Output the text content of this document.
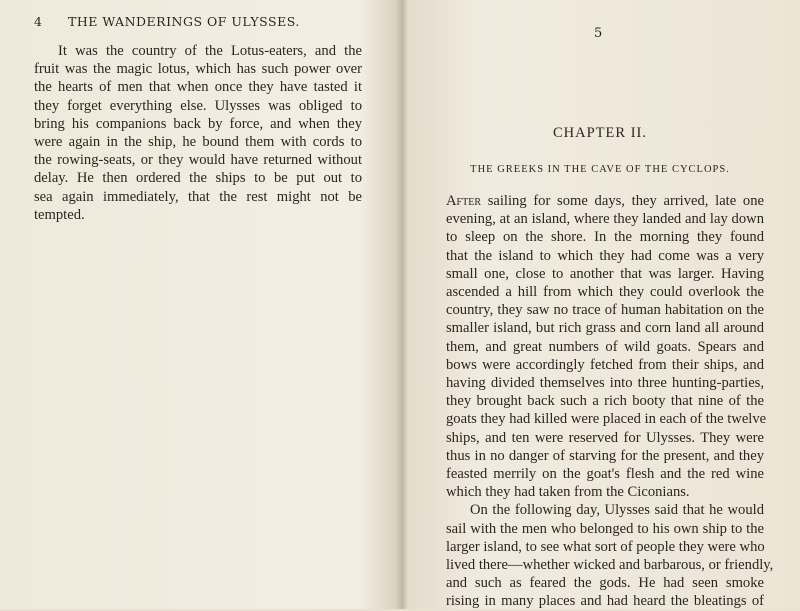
4 THE WANDERINGS OF ULYSSES.
It was the country of the Lotus-eaters, and the
fruit was the magic lotus, which has such power over
the hearts of men that when once they have tasted it
they forget everything else. Ulysses was obliged to
bring his companions back by force, and when they
were again in the ship, he bound them with cords to
the rowing-seats, or they would have returned without
delay. He then ordered the ships to be put out to
sea again immediately, that the rest might not be
tempted.
5
CHAPTER II.
THE GREEKS IN THE CAVE OF THE CYCLOPS.
After sailing for some days, they arrived, late one
evening, at an island, where they landed and lay down
to sleep on the shore. In the morning they found
that the island to which they had come was a very
small one, close to another that was larger. Having
ascended a hill from which they could overlook the
country, they saw no trace of human habitation on the
smaller island, but rich grass and corn land all around
them, and great numbers of wild goats. Spears and
bows were accordingly fetched from their ships, and
having divided themselves into three hunting-parties,
they brought back such a rich booty that nine of the
goats they had killed were placed in each of the twelve
ships, and ten were reserved for Ulysses. They were
thus in no danger of starving for the present, and they
feasted merrily on the goat's flesh and the red wine
which they had taken from the Ciconians.
On the following day, Ulysses said that he would
sail with the men who belonged to his own ship to the
larger island, to see what sort of people they were who
lived there—whether wicked and barbarous, or friendly,
and such as feared the gods. He had seen smoke
rising in many places and had heard the bleatings of
